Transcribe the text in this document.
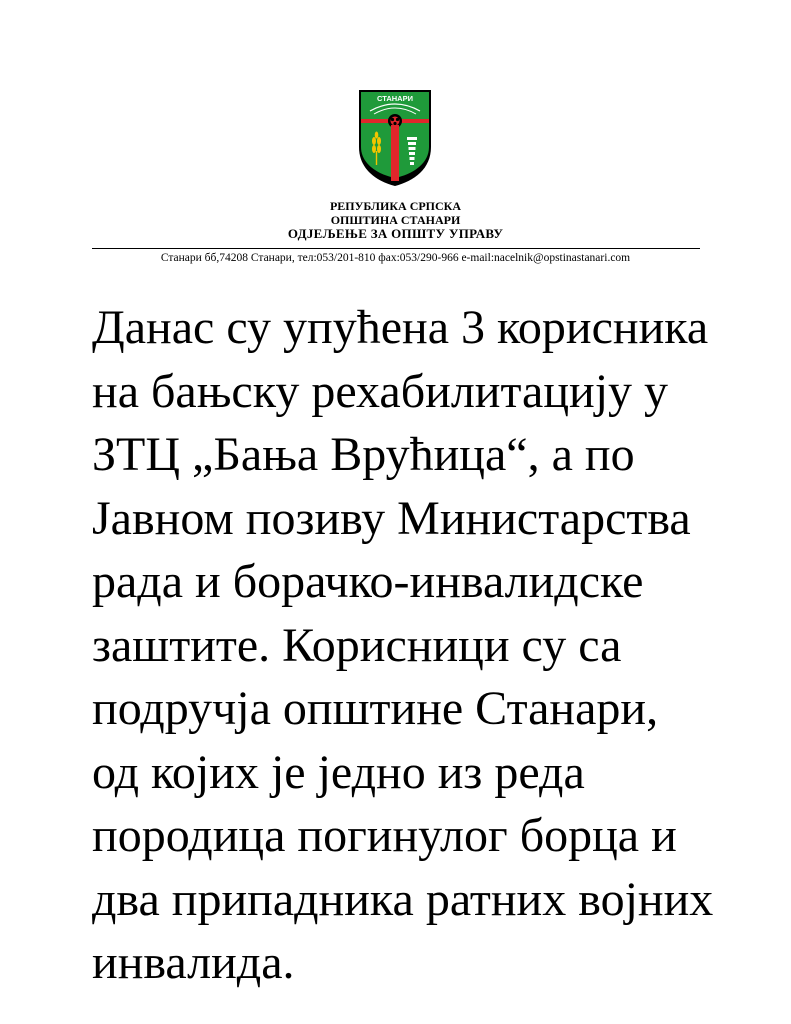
СТАНАРИ
РЕПУБЛИКА СРПСКА
ОПШТИНА СТАНАРИ
ОДЈЕЉЕЊЕ ЗА ОПШТУ УПРАВУ
Станари бб,74208 Станари, тел:053/201-810 фах:053/290-966 e-mail:nacelnik@opstinastanari.com

Данас су упућена 3 корисника
на бањску рехабилитацију у
ЗТЦ „Бања Врућица“, а по
Јавном позиву Министарства
рада и борачко-инвалидске
заштите. Корисници су са
подручја општине Станари,
од којих је једно из реда
породица погинулог борца и
два припадника ратних војних
инвалида.
